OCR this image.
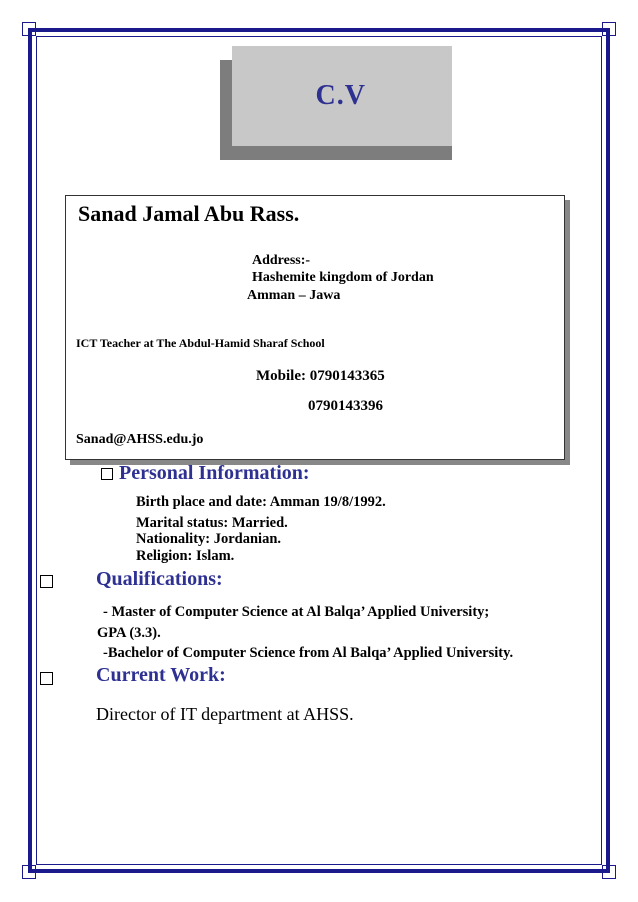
C.V
Sanad Jamal Abu Rass.
Address:-
Hashemite kingdom of Jordan
Amman – Jawa
ICT Teacher at The Abdul-Hamid Sharaf School
Mobile: 0790143365
0790143396
Sanad@AHSS.edu.jo
Personal Information:
Birth place and date: Amman 19/8/1992.
Marital status: Married.
Nationality: Jordanian.
Religion: Islam.
Qualifications:
- Master of Computer Science at Al Balqa’ Applied University;
GPA (3.3).
-Bachelor of Computer Science from Al Balqa’ Applied University.
Current Work:
Director of IT department at AHSS.
